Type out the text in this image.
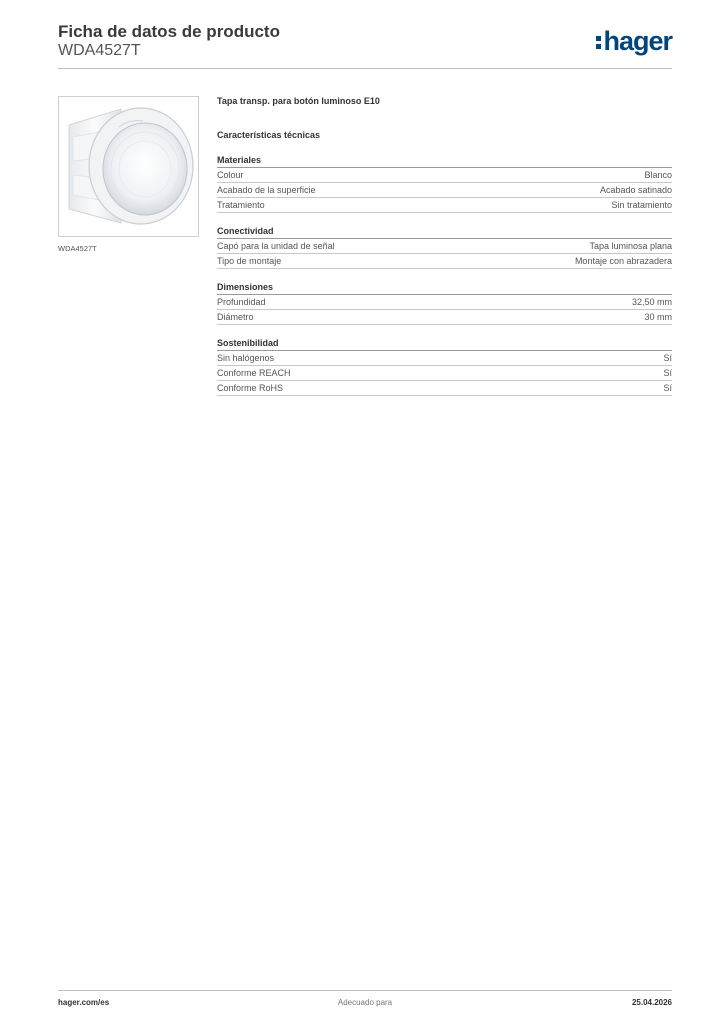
Ficha de datos de producto
WDA4527T	hager
WDA4527T

Tapa transp. para botón luminoso E10

Características técnicas

Materiales
Colour	Blanco
Acabado de la superficie	Acabado satinado
Tratamiento	Sin tratamiento
Conectividad
Capó para la unidad de señal	Tapa luminosa plana
Tipo de montaje	Montaje con abrazadera
Dimensiones
Profundidad	32,50 mm
Diámetro	30 mm
Sostenibilidad
Sin halógenos	Sí
Conforme REACH	Sí
Conforme RoHS	Sí
hager.com/es	Adecuado para	25.04.2026
